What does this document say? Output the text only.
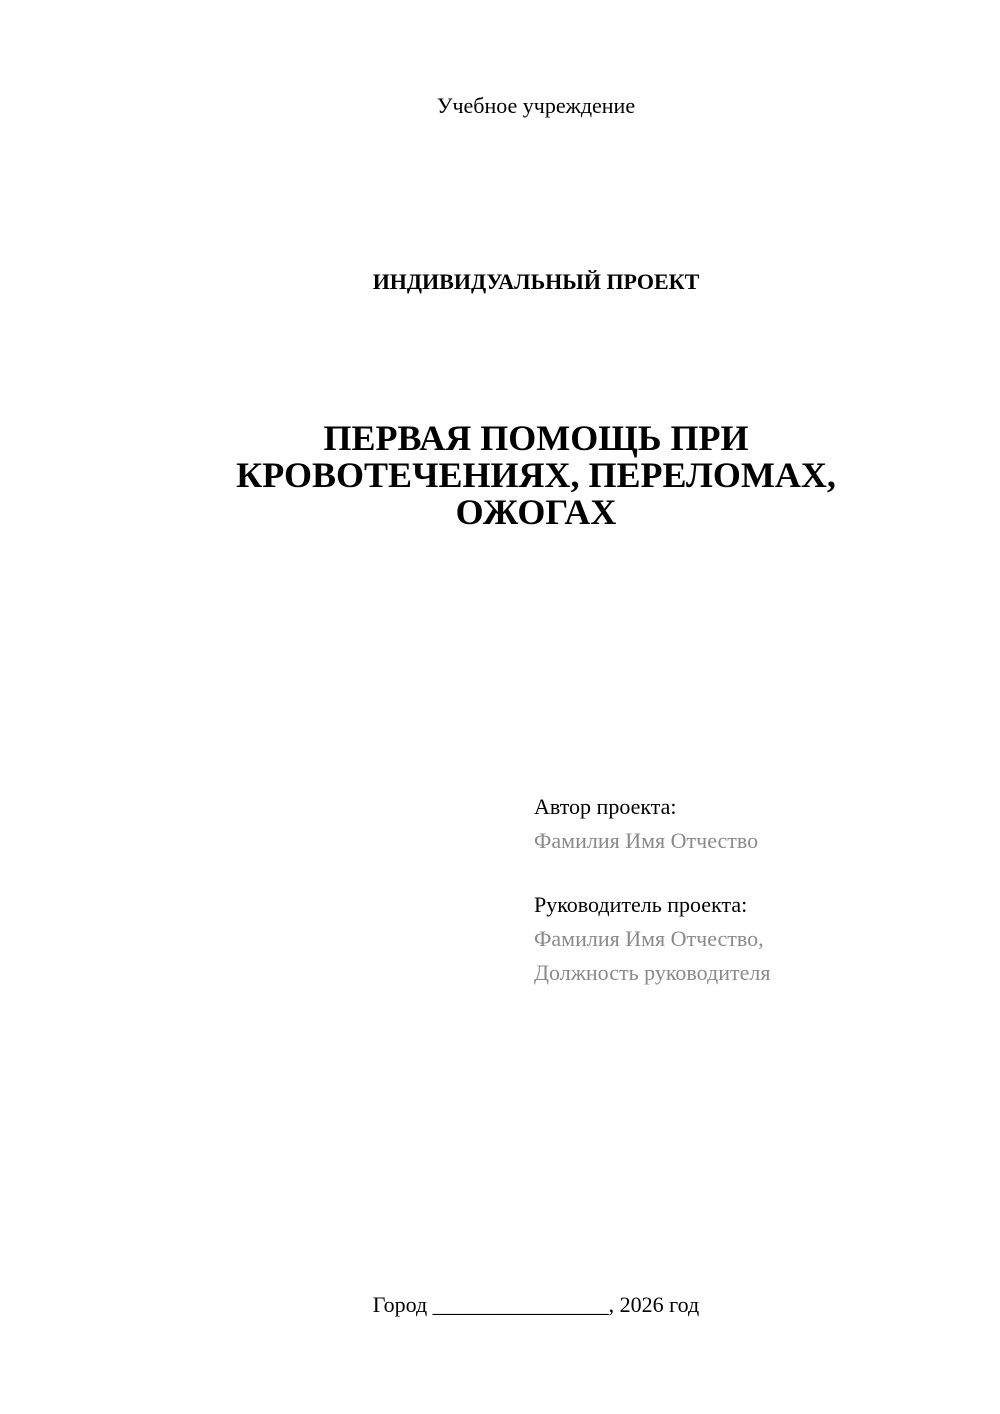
Учебное учреждение
ИНДИВИДУАЛЬНЫЙ ПРОЕКТ
ПЕРВАЯ ПОМОЩЬ ПРИ
КРОВОТЕЧЕНИЯХ, ПЕРЕЛОМАХ,
ОЖОГАХ
Автор проекта:
Фамилия Имя Отчество
Руководитель проекта:
Фамилия Имя Отчество,
Должность руководителя
Город ________________, 2026 год
